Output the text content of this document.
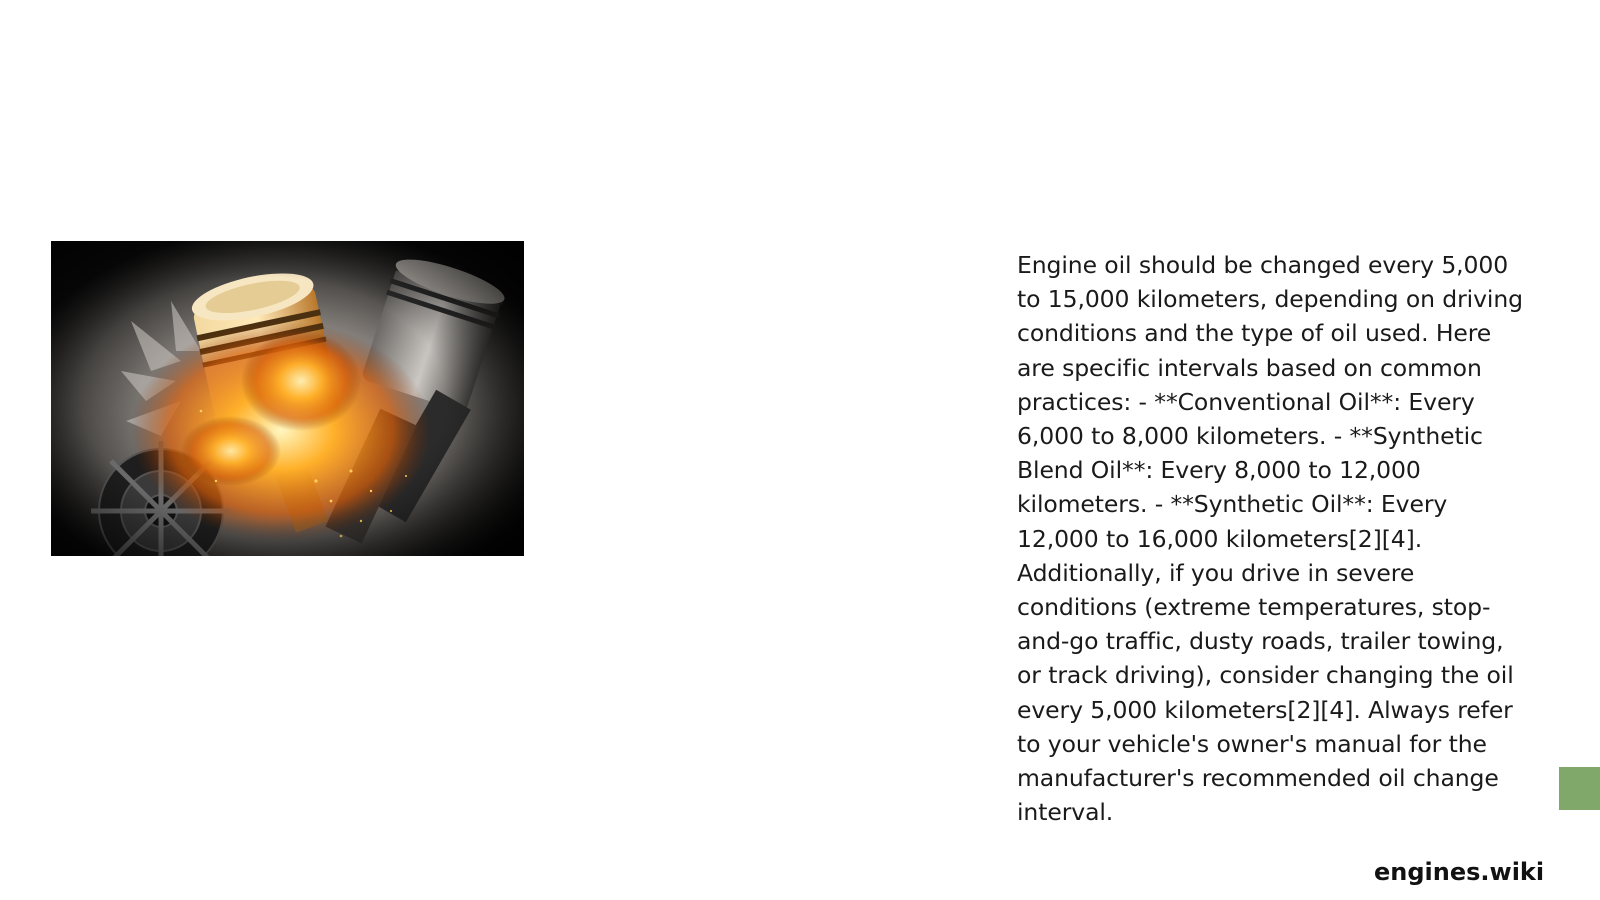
Engine oil should be changed every 5,000 to 15,000 kilometers, depending on driving conditions and the type of oil used. Here are specific intervals based on common practices: - **Conventional Oil**: Every 6,000 to 8,000 kilometers. - **Synthetic Blend Oil**: Every 8,000 to 12,000 kilometers. - **Synthetic Oil**: Every 12,000 to 16,000 kilometers[2][4]. Additionally, if you drive in severe conditions (extreme temperatures, stop-and-go traffic, dusty roads, trailer towing, or track driving), consider changing the oil every 5,000 kilometers[2][4]. Always refer to your vehicle's owner's manual for the manufacturer's recommended oil change interval.

engines.wiki
